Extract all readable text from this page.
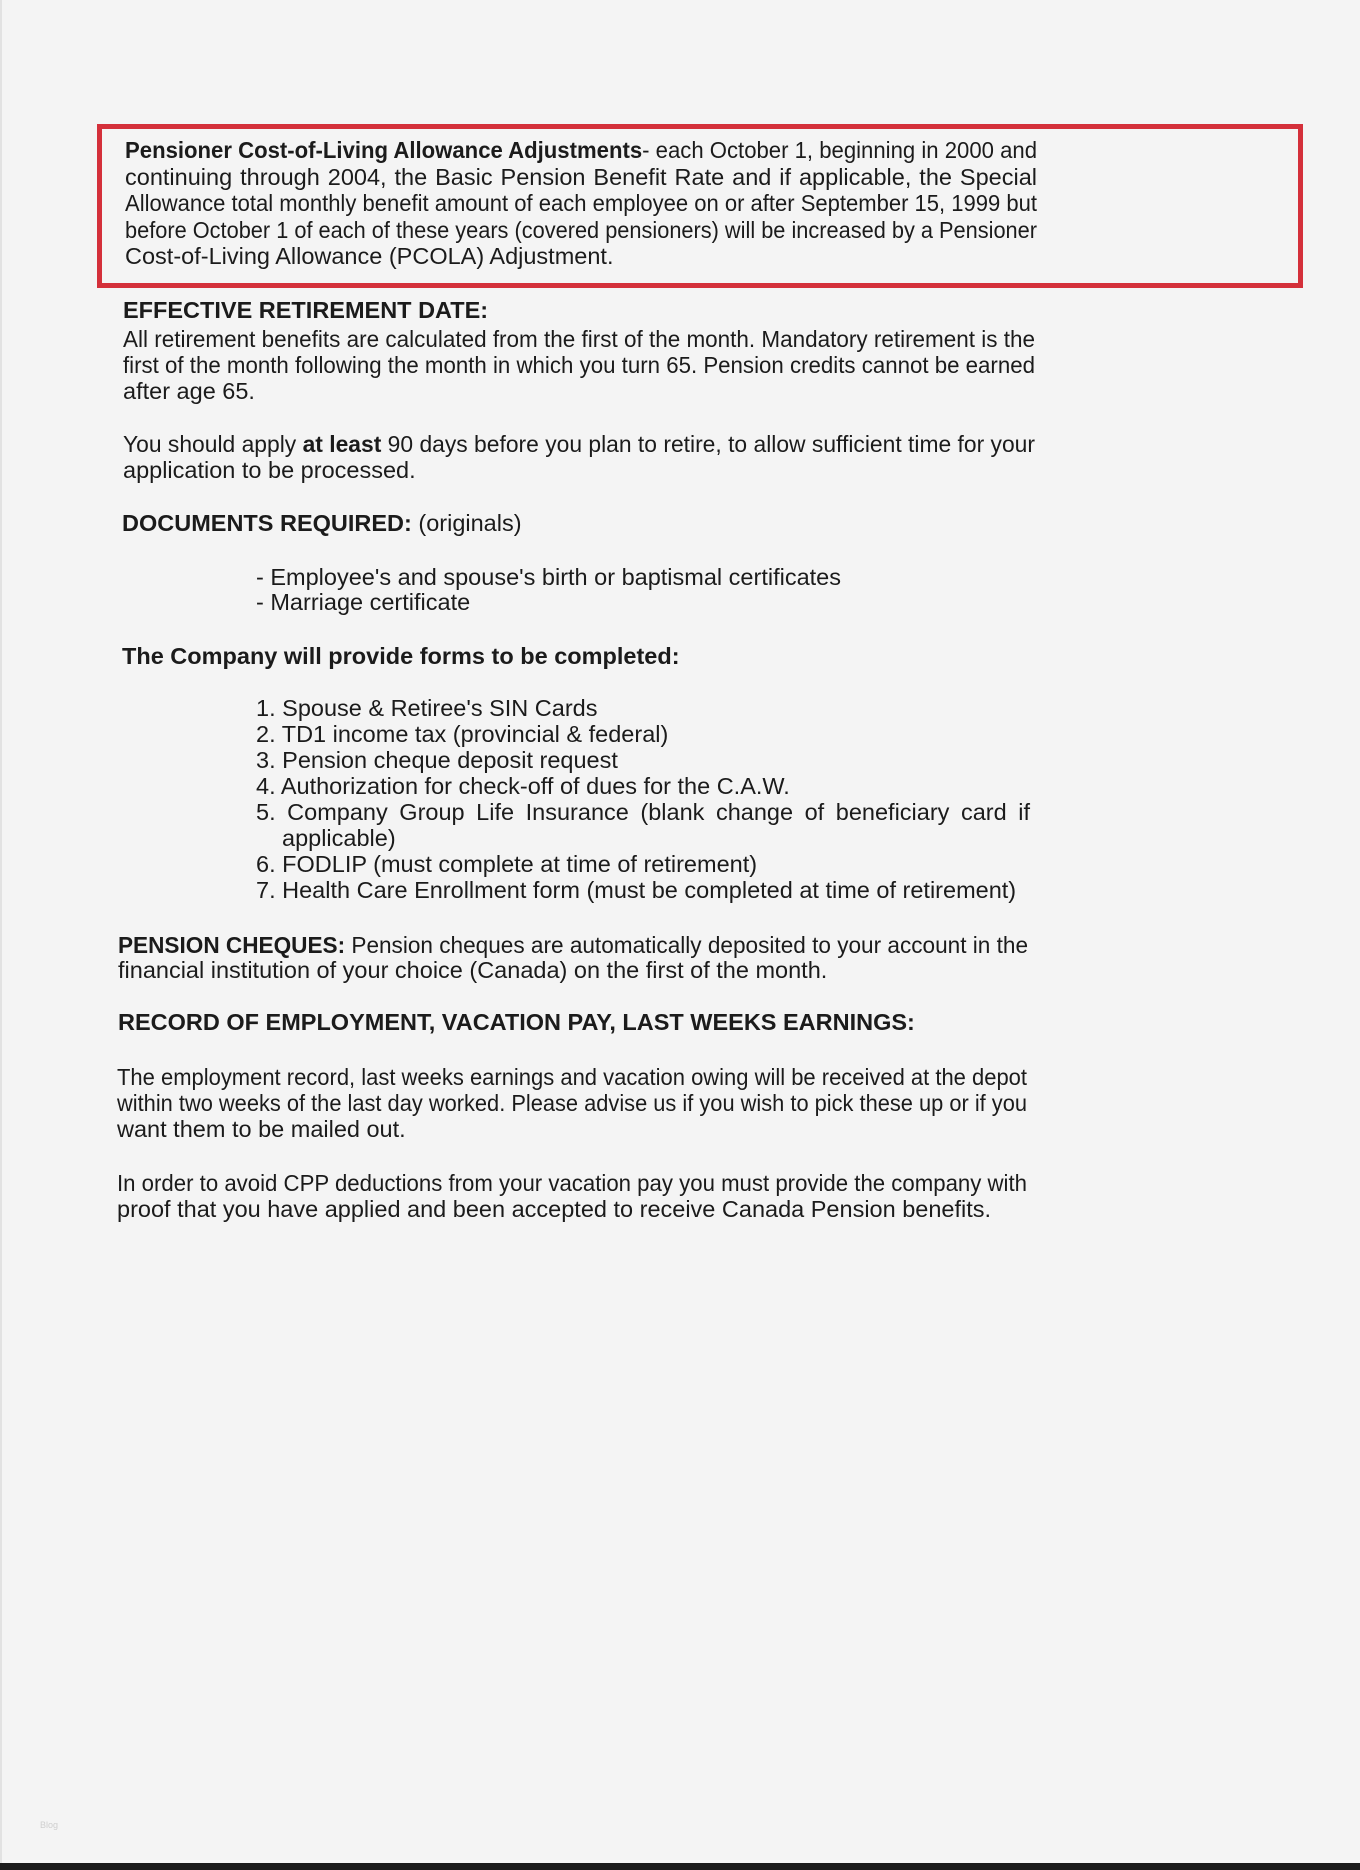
Pensioner Cost-of-Living Allowance Adjustments- each October 1, beginning in 2000 and
continuing through 2004, the Basic Pension Benefit Rate and if applicable, the Special
Allowance total monthly benefit amount of each employee on or after September 15, 1999 but
before October 1 of each of these years (covered pensioners) will be increased by a Pensioner
Cost-of-Living Allowance (PCOLA) Adjustment.
EFFECTIVE RETIREMENT DATE:
All retirement benefits are calculated from the first of the month. Mandatory retirement is the
first of the month following the month in which you turn 65. Pension credits cannot be earned
after age 65.
You should apply at least 90 days before you plan to retire, to allow sufficient time for your
application to be processed.
DOCUMENTS REQUIRED: (originals)
- Employee's and spouse's birth or baptismal certificates
- Marriage certificate
The Company will provide forms to be completed:
1. Spouse & Retiree's SIN Cards
2. TD1 income tax (provincial & federal)
3. Pension cheque deposit request
4. Authorization for check-off of dues for the C.A.W.
5. Company Group Life Insurance (blank change of beneficiary card if
applicable)
6. FODLIP (must complete at time of retirement)
7. Health Care Enrollment form (must be completed at time of retirement)
PENSION CHEQUES: Pension cheques are automatically deposited to your account in the
financial institution of your choice (Canada) on the first of the month.
RECORD OF EMPLOYMENT, VACATION PAY, LAST WEEKS EARNINGS:
The employment record, last weeks earnings and vacation owing will be received at the depot
within two weeks of the last day worked. Please advise us if you wish to pick these up or if you
want them to be mailed out.
In order to avoid CPP deductions from your vacation pay you must provide the company with
proof that you have applied and been accepted to receive Canada Pension benefits.
Blog
